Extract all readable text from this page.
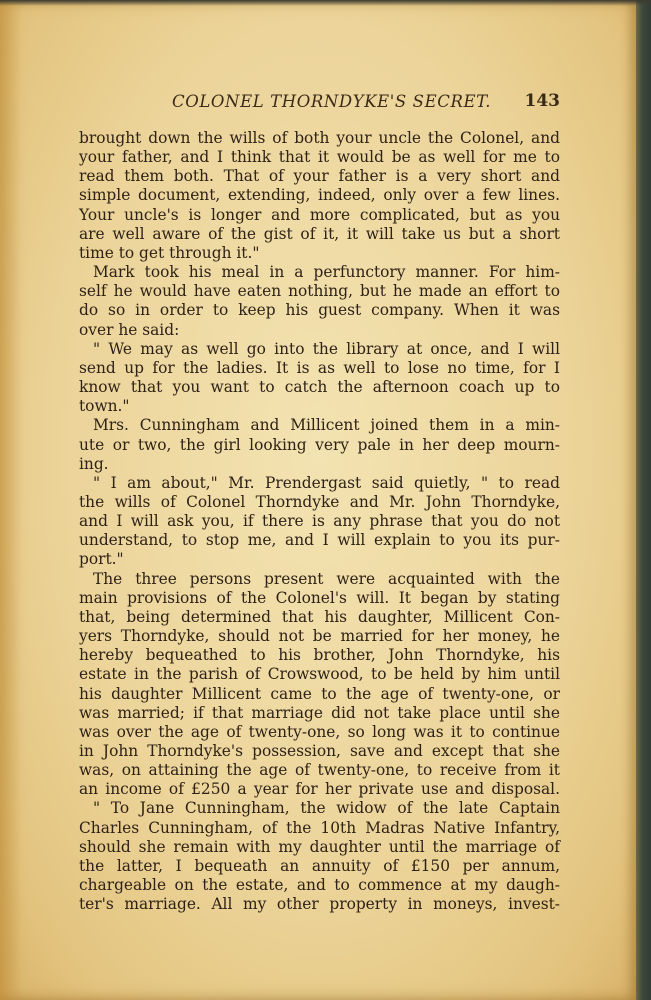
COLONEL THORNDYKE'S SECRET. 143
brought down the wills of both your uncle the Colonel, and
your father, and I think that it would be as well for me to
read them both. That of your father is a very short and
simple document, extending, indeed, only over a few lines.
Your uncle's is longer and more complicated, but as you
are well aware of the gist of it, it will take us but a short
time to get through it."
Mark took his meal in a perfunctory manner. For him-
self he would have eaten nothing, but he made an effort to
do so in order to keep his guest company. When it was
over he said:
" We may as well go into the library at once, and I will
send up for the ladies. It is as well to lose no time, for I
know that you want to catch the afternoon coach up to
town."
Mrs. Cunningham and Millicent joined them in a min-
ute or two, the girl looking very pale in her deep mourn-
ing.
" I am about," Mr. Prendergast said quietly, " to read
the wills of Colonel Thorndyke and Mr. John Thorndyke,
and I will ask you, if there is any phrase that you do not
understand, to stop me, and I will explain to you its pur-
port."
The three persons present were acquainted with the
main provisions of the Colonel's will. It began by stating
that, being determined that his daughter, Millicent Con-
yers Thorndyke, should not be married for her money, he
hereby bequeathed to his brother, John Thorndyke, his
estate in the parish of Crowswood, to be held by him until
his daughter Millicent came to the age of twenty-one, or
was married; if that marriage did not take place until she
was over the age of twenty-one, so long was it to continue
in John Thorndyke's possession, save and except that she
was, on attaining the age of twenty-one, to receive from it
an income of £250 a year for her private use and disposal.
" To Jane Cunningham, the widow of the late Captain
Charles Cunningham, of the 10th Madras Native Infantry,
should she remain with my daughter until the marriage of
the latter, I bequeath an annuity of £150 per annum,
chargeable on the estate, and to commence at my daugh-
ter's marriage. All my other property in moneys, invest-
